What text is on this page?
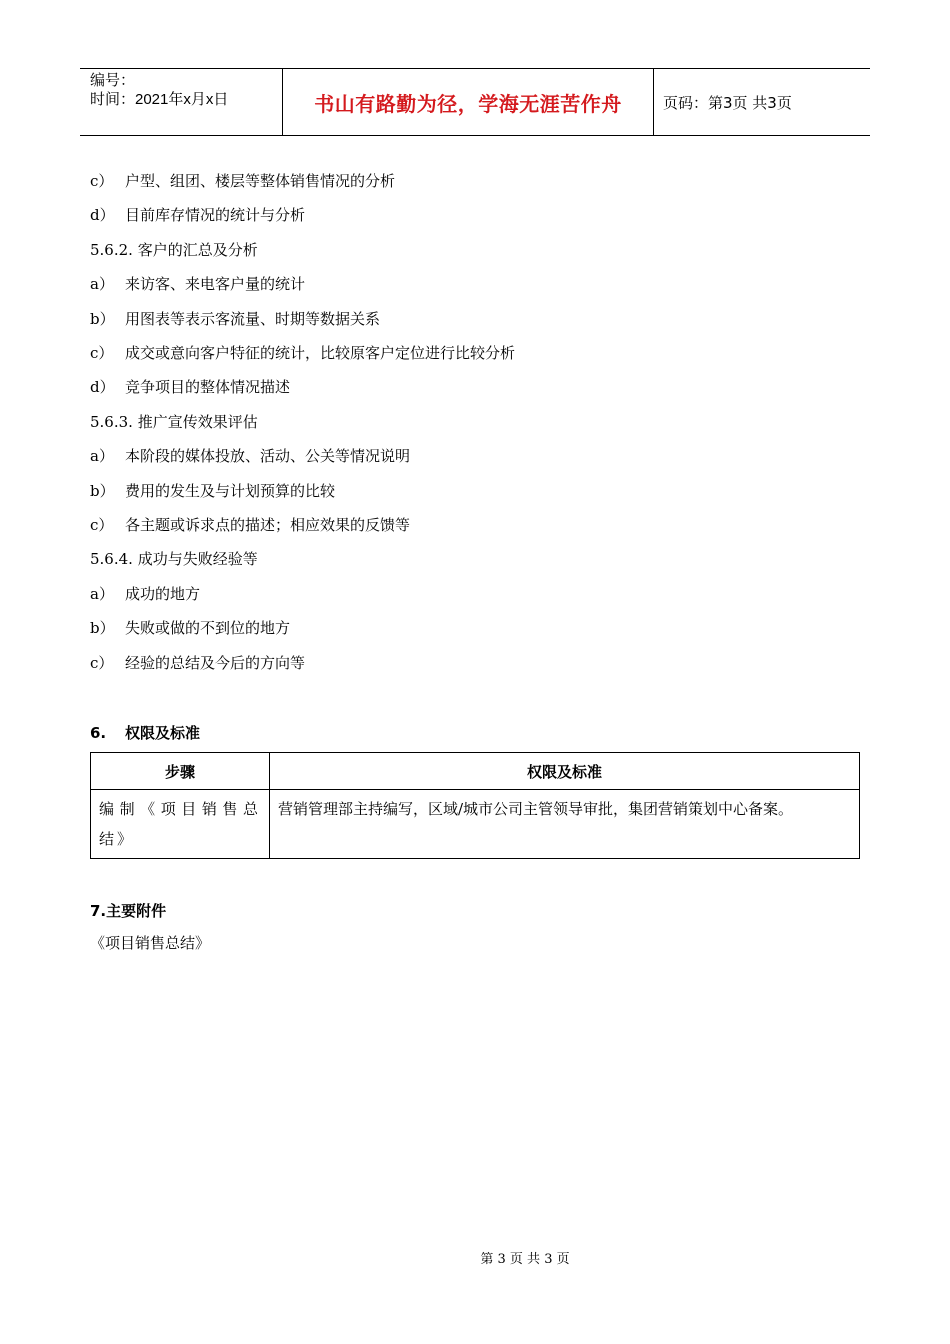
编号：
时间：2021年x月x日	书山有路勤为径，学海无涯苦作舟	页码：第3页 共3页
c） 户型、组团、楼层等整体销售情况的分析
d） 目前库存情况的统计与分析
5.6.2. 客户的汇总及分析
a） 来访客、来电客户量的统计
b） 用图表等表示客流量、时期等数据关系
c） 成交或意向客户特征的统计，比较原客户定位进行比较分析
d） 竞争项目的整体情况描述
5.6.3. 推广宣传效果评估
a） 本阶段的媒体投放、活动、公关等情况说明
b） 费用的发生及与计划预算的比较
c） 各主题或诉求点的描述；相应效果的反馈等
5.6.4. 成功与失败经验等
a） 成功的地方
b） 失败或做的不到位的地方
c） 经验的总结及今后的方向等
6. 权限及标准
步骤	权限及标准
编制《项目销售总结》	营销管理部主持编写，区域/城市公司主管领导审批，集团营销策划中心备案。
7.主要附件
《项目销售总结》
第 3 页 共 3 页
